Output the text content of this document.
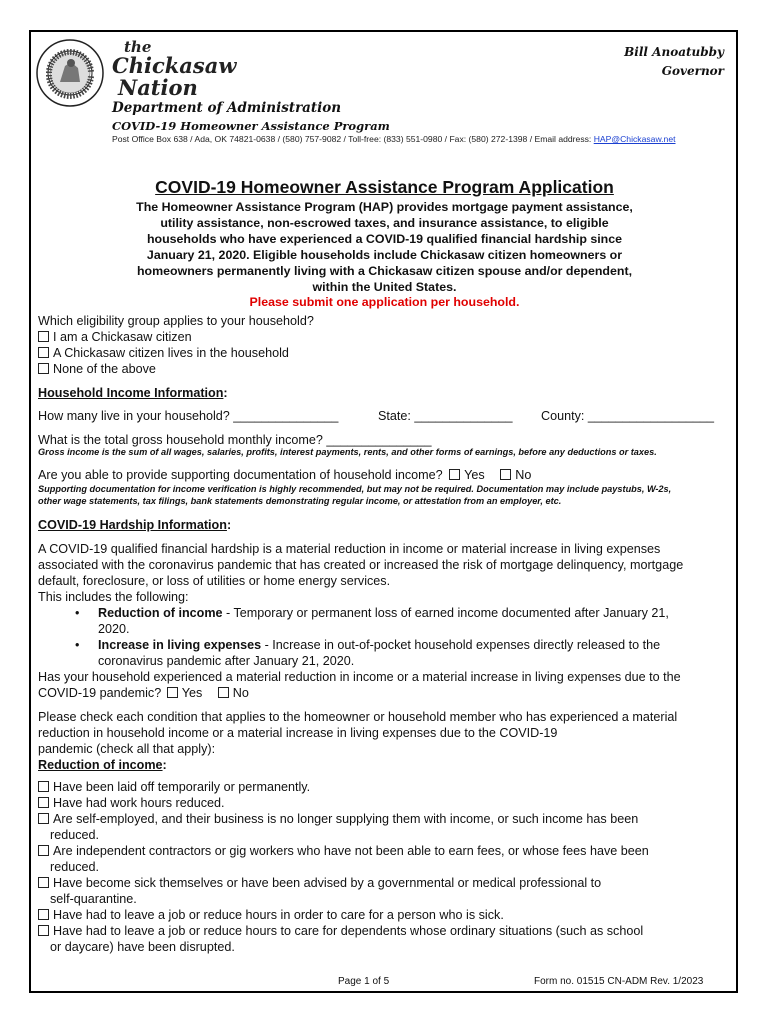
the
Chickasaw
Nation
Bill Anoatubby
Governor
Department of Administration
COVID-19 Homeowner Assistance Program
Post Office Box 638 / Ada, OK 74821-0638 / (580) 757-9082 / Toll-free: (833) 551-0980 / Fax: (580) 272-1398 / Email address: HAP@Chickasaw.net
COVID-19 Homeowner Assistance Program Application
The Homeowner Assistance Program (HAP) provides mortgage payment assistance,
utility assistance, non-escrowed taxes, and insurance assistance, to eligible
households who have experienced a COVID-19 qualified financial hardship since
January 21, 2020. Eligible households include Chickasaw citizen homeowners or
homeowners permanently living with a Chickasaw citizen spouse and/or dependent,
within the United States.
Please submit one application per household.
Which eligibility group applies to your household?
I am a Chickasaw citizen
A Chickasaw citizen lives in the household
None of the above
Household Income Information:
How many live in your household? _______________	State: ______________ County: __________________
What is the total gross household monthly income? _______________
Gross income is the sum of all wages, salaries, profits, interest payments, rents, and other forms of earnings, before any deductions or taxes.
Are you able to provide supporting documentation of household income? Yes No
Supporting documentation for income verification is highly recommended, but may not be required. Documentation may include paystubs, W-2s,
other wage statements, tax filings, bank statements demonstrating regular income, or attestation from an employer, etc.
COVID-19 Hardship Information:
A COVID-19 qualified financial hardship is a material reduction in income or material increase in living expenses
associated with the coronavirus pandemic that has created or increased the risk of mortgage delinquency, mortgage
default, foreclosure, or loss of utilities or home energy services.
This includes the following:
• Reduction of income - Temporary or permanent loss of earned income documented after January 21,
2020.
• Increase in living expenses - Increase in out-of-pocket household expenses directly released to the
coronavirus pandemic after January 21, 2020.
Has your household experienced a material reduction in income or a material increase in living expenses due to the
COVID-19 pandemic? Yes No
Please check each condition that applies to the homeowner or household member who has experienced a material
reduction in household income or a material increase in living expenses due to the COVID-19
pandemic (check all that apply):
Reduction of income:
Have been laid off temporarily or permanently.
Have had work hours reduced.
Are self-employed, and their business is no longer supplying them with income, or such income has been
reduced.
Are independent contractors or gig workers who have not been able to earn fees, or whose fees have been
reduced.
Have become sick themselves or have been advised by a governmental or medical professional to
self-quarantine.
Have had to leave a job or reduce hours in order to care for a person who is sick.
Have had to leave a job or reduce hours to care for dependents whose ordinary situations (such as school
or daycare) have been disrupted.
Page 1 of 5	Form no. 01515 CN-ADM Rev. 1/2023
